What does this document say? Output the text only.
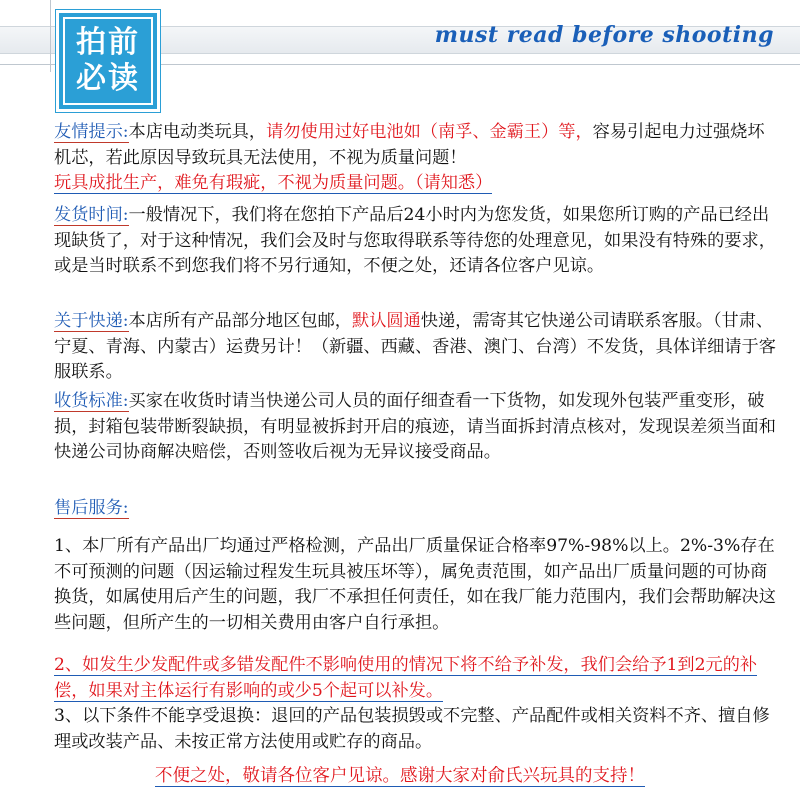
拍前
必读
must read before shooting
友情提示:本店电动类玩具，请勿使用过好电池如（南孚、金霸王）等，容易引起电力过强烧坏机芯，若此原因导致玩具无法使用，不视为质量问题！
玩具成批生产，难免有瑕疵，不视为质量问题。（请知悉）
发货时间:一般情况下，我们将在您拍下产品后24小时内为您发货，如果您所订购的产品已经出现缺货了，对于这种情况，我们会及时与您取得联系等待您的处理意见，如果没有特殊的要求，或是当时联系不到您我们将不另行通知，不便之处，还请各位客户见谅。
关于快递:本店所有产品部分地区包邮，默认圆通快递，需寄其它快递公司请联系客服。（甘肃、宁夏、青海、内蒙古）运费另计！（新疆、西藏、香港、澳门、台湾）不发货，具体详细请于客服联系。
收货标准:买家在收货时请当快递公司人员的面仔细查看一下货物，如发现外包装严重变形，破损，封箱包装带断裂缺损，有明显被拆封开启的痕迹，请当面拆封清点核对，发现误差须当面和快递公司协商解决赔偿，否则签收后视为无异议接受商品。
售后服务:
1、本厂所有产品出厂均通过严格检测，产品出厂质量保证合格率97%-98%以上。2%-3%存在不可预测的问题（因运输过程发生玩具被压坏等），属免责范围，如产品出厂质量问题的可协商换货，如属使用后产生的问题，我厂不承担任何责任，如在我厂能力范围内，我们会帮助解决这些问题，但所产生的一切相关费用由客户自行承担。
2、如发生少发配件或多错发配件不影响使用的情况下将不给予补发，我们会给予1到2元的补偿，如果对主体运行有影响的或少5个起可以补发。
3、以下条件不能享受退换：退回的产品包装损毁或不完整、产品配件或相关资料不齐、擅自修理或改装产品、未按正常方法使用或贮存的商品。
不便之处，敬请各位客户见谅。感谢大家对俞氏兴玩具的支持！
